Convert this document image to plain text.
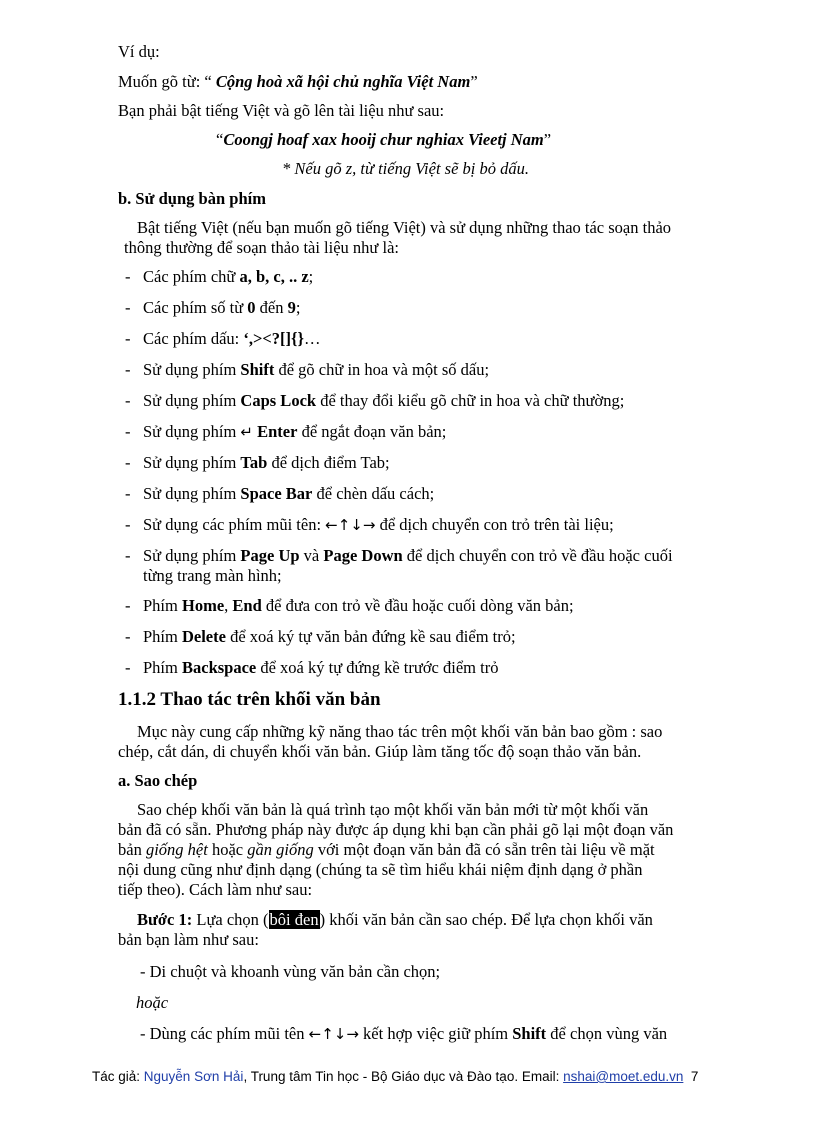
Ví dụ:
Muốn gõ từ: “ Cộng hoà xã hội chủ nghĩa Việt Nam”
Bạn phải bật tiếng Việt và gõ lên tài liệu như sau:
“Coongj hoaf xax hooij chur nghiax Vieetj Nam”
* Nếu gõ z, từ tiếng Việt sẽ bị bỏ dấu.
b. Sử dụng bàn phím
Bật tiếng Việt (nếu bạn muốn gõ tiếng Việt) và sử dụng những thao tác soạn thảo
thông thường để soạn thảo tài liệu như là:
- Các phím chữ a, b, c, .. z;
- Các phím số từ 0 đến 9;
- Các phím dấu: ‘,><?[]{}…
- Sử dụng phím Shift để gõ chữ in hoa và một số dấu;
- Sử dụng phím Caps Lock để thay đổi kiểu gõ chữ in hoa và chữ thường;
- Sử dụng phím ↵ Enter để ngắt đoạn văn bản;
- Sử dụng phím Tab để dịch điểm Tab;
- Sử dụng phím Space Bar để chèn dấu cách;
- Sử dụng các phím mũi tên: ←↑↓→ để dịch chuyển con trỏ trên tài liệu;
- Sử dụng phím Page Up và Page Down để dịch chuyển con trỏ về đầu hoặc cuối
từng trang màn hình;
- Phím Home, End để đưa con trỏ về đầu hoặc cuối dòng văn bản;
- Phím Delete để xoá ký tự văn bản đứng kề sau điểm trỏ;
- Phím Backspace để xoá ký tự đứng kề trước điểm trỏ
1.1.2 Thao tác trên khối văn bản
Mục này cung cấp những kỹ năng thao tác trên một khối văn bản bao gồm : sao
chép, cắt dán, di chuyển khối văn bản. Giúp làm tăng tốc độ soạn thảo văn bản.
a. Sao chép
Sao chép khối văn bản là quá trình tạo một khối văn bản mới từ một khối văn
bản đã có sẵn. Phương pháp này được áp dụng khi bạn cần phải gõ lại một đoạn văn
bản giống hệt hoặc gần giống với một đoạn văn bản đã có sẵn trên tài liệu về mặt
nội dung cũng như định dạng (chúng ta sẽ tìm hiểu khái niệm định dạng ở phần
tiếp theo). Cách làm như sau:
Bước 1: Lựa chọn (bôi đen) khối văn bản cần sao chép. Để lựa chọn khối văn
bản bạn làm như sau:
- Di chuột và khoanh vùng văn bản cần chọn;
hoặc
- Dùng các phím mũi tên ←↑↓→ kết hợp việc giữ phím Shift để chọn vùng văn
Tác giả: Nguyễn Sơn Hải, Trung tâm Tin học - Bộ Giáo dục và Đào tạo. Email: nshai@moet.edu.vn 7
